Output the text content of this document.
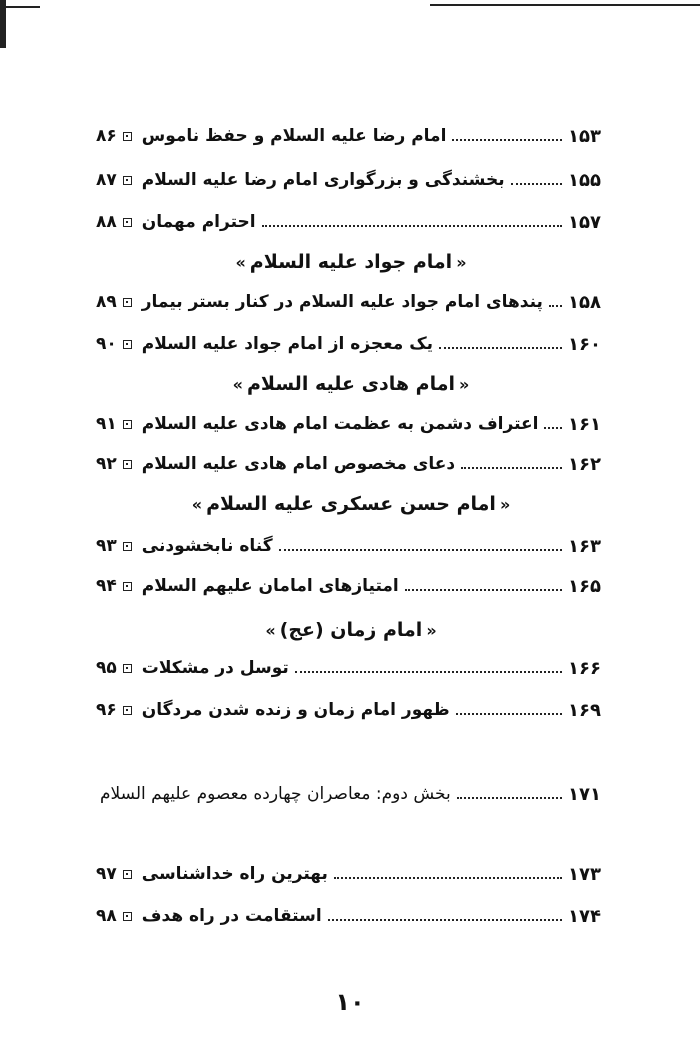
۸۶ امام رضا علیه السلام و حفظ ناموس	۱۵۳
۸۷ بخشندگی و بزرگواری امام رضا علیه السلام	۱۵۵
۸۸ احترام مهمان	۱۵۷
« امام جواد علیه السلام »
۸۹ پندهای امام جواد علیه السلام در کنار بستر بیمار ۱۵۸
۹۰ یک معجزه از امام جواد علیه السلام	۱۶۰
« امام هادی علیه السلام »
۹۱ اعتراف دشمن به عظمت امام هادی علیه السلام ۱۶۱
۹۲ دعای مخصوص امام هادی علیه السلام	۱۶۲
« امام حسن عسکری علیه السلام »
۹۳ گناه نابخشودنی	۱۶۳
۹۴ امتیازهای امامان علیهم السلام	۱۶۵
« امام زمان (عج) »
۹۵ توسل در مشکلات	۱۶۶
۹۶ ظهور امام زمان و زنده شدن مردگان	۱۶۹
بخش دوم: معاصران چهارده معصوم علیهم السلام	۱۷۱
۹۷ بهترین راه خداشناسی	۱۷۳
۹۸ استقامت در راه هدف	۱۷۴
۱۰
